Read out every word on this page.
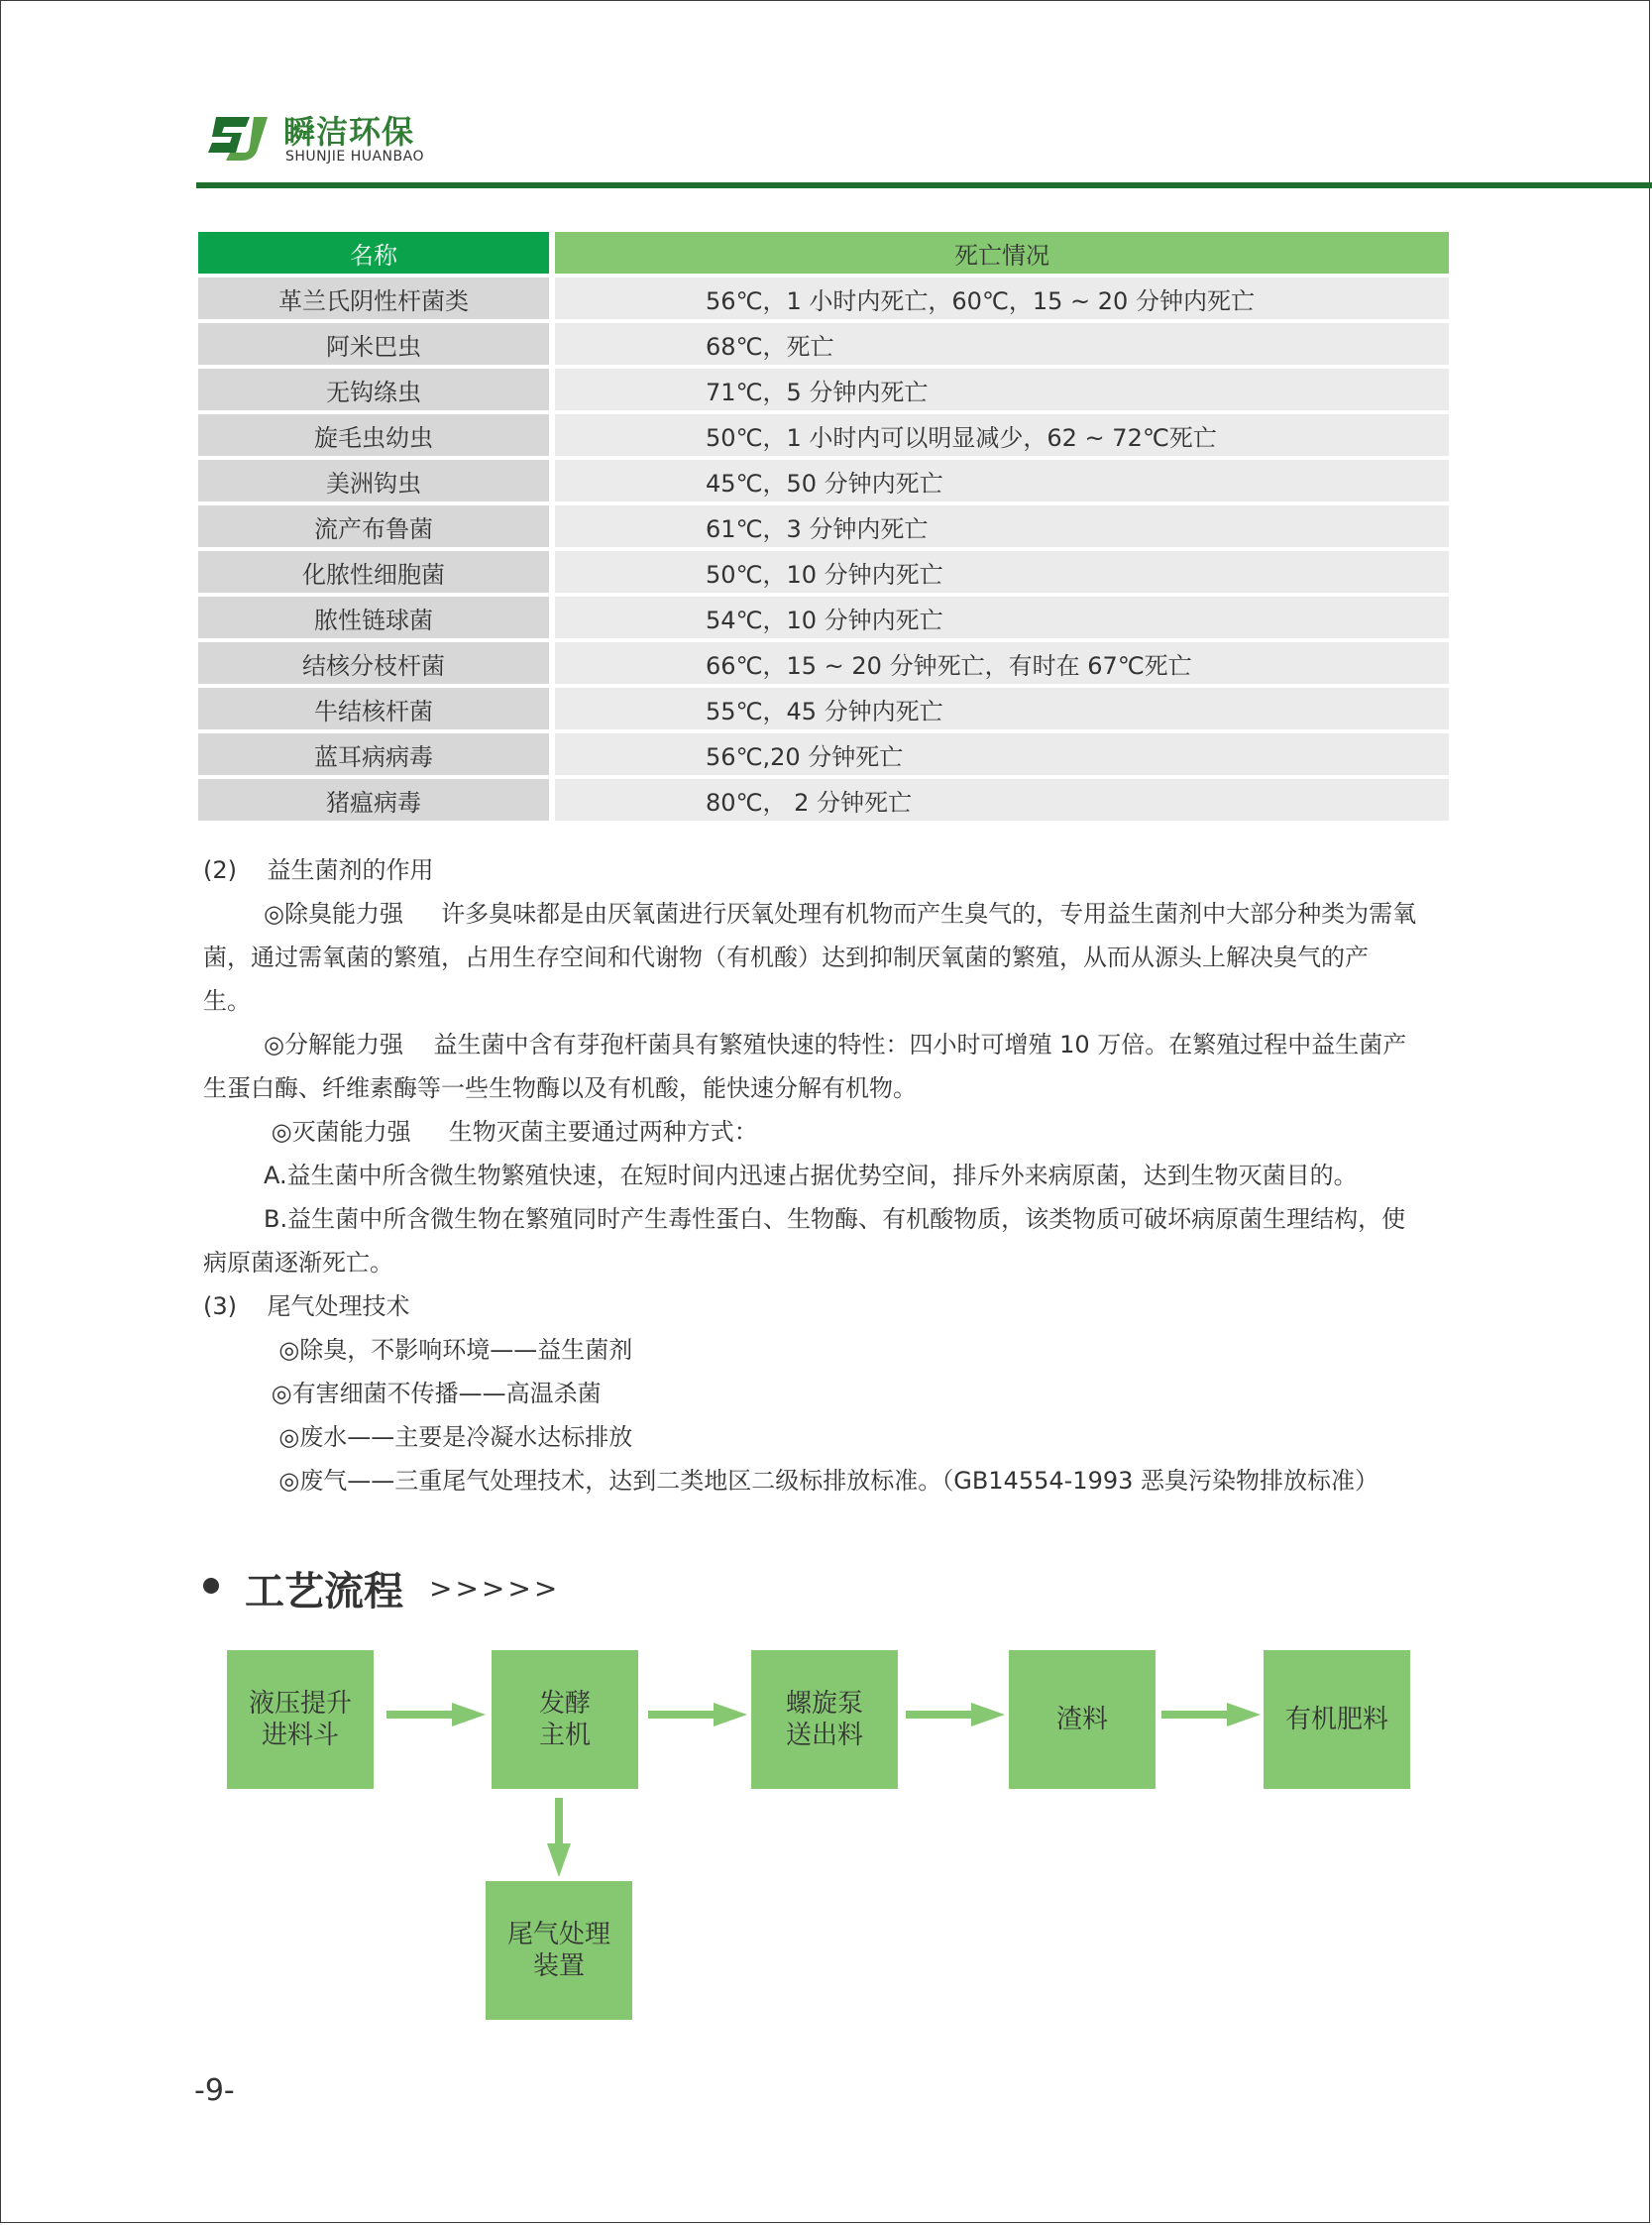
瞬洁环保
SHUNJIE HUANBAO
名称	死亡情况
革兰氏阴性杆菌类	56℃，1 小时内死亡，60℃，15 ~ 20 分钟内死亡
阿米巴虫	68℃，死亡
无钩绦虫	71℃，5 分钟内死亡
旋毛虫幼虫	50℃，1 小时内可以明显减少，62 ~ 72℃死亡
美洲钩虫	45℃，50 分钟内死亡
流产布鲁菌	61℃，3 分钟内死亡
化脓性细胞菌	50℃，10 分钟内死亡
脓性链球菌	54℃，10 分钟内死亡
结核分枝杆菌	66℃，15 ~ 20 分钟死亡，有时在 67℃死亡
牛结核杆菌	55℃，45 分钟内死亡
蓝耳病病毒	56℃,20 分钟死亡
猪瘟病毒	80℃， 2 分钟死亡
(2)    益生菌剂的作用
◎除臭能力强     许多臭味都是由厌氧菌进行厌氧处理有机物而产生臭气的，专用益生菌剂中大部分种类为需氧
菌，通过需氧菌的繁殖，占用生存空间和代谢物（有机酸）达到抑制厌氧菌的繁殖，从而从源头上解决臭气的产
生。
◎分解能力强    益生菌中含有芽孢杆菌具有繁殖快速的特性：四小时可增殖 10 万倍。在繁殖过程中益生菌产
生蛋白酶、纤维素酶等一些生物酶以及有机酸，能快速分解有机物。
◎灭菌能力强     生物灭菌主要通过两种方式：
A.益生菌中所含微生物繁殖快速，在短时间内迅速占据优势空间，排斥外来病原菌，达到生物灭菌目的。
B.益生菌中所含微生物在繁殖同时产生毒性蛋白、生物酶、有机酸物质，该类物质可破坏病原菌生理结构，使
病原菌逐渐死亡。
(3)    尾气处理技术
◎除臭，不影响环境——益生菌剂
◎有害细菌不传播——高温杀菌
◎废水——主要是冷凝水达标排放
◎废气——三重尾气处理技术，达到二类地区二级标排放标准。（GB14554-1993 恶臭污染物排放标准）
工艺流程 >>>>>
液压提升
进料斗
发酵
主机
螺旋泵
送出料
渣料	有机肥料
尾气处理
装置
-9-
